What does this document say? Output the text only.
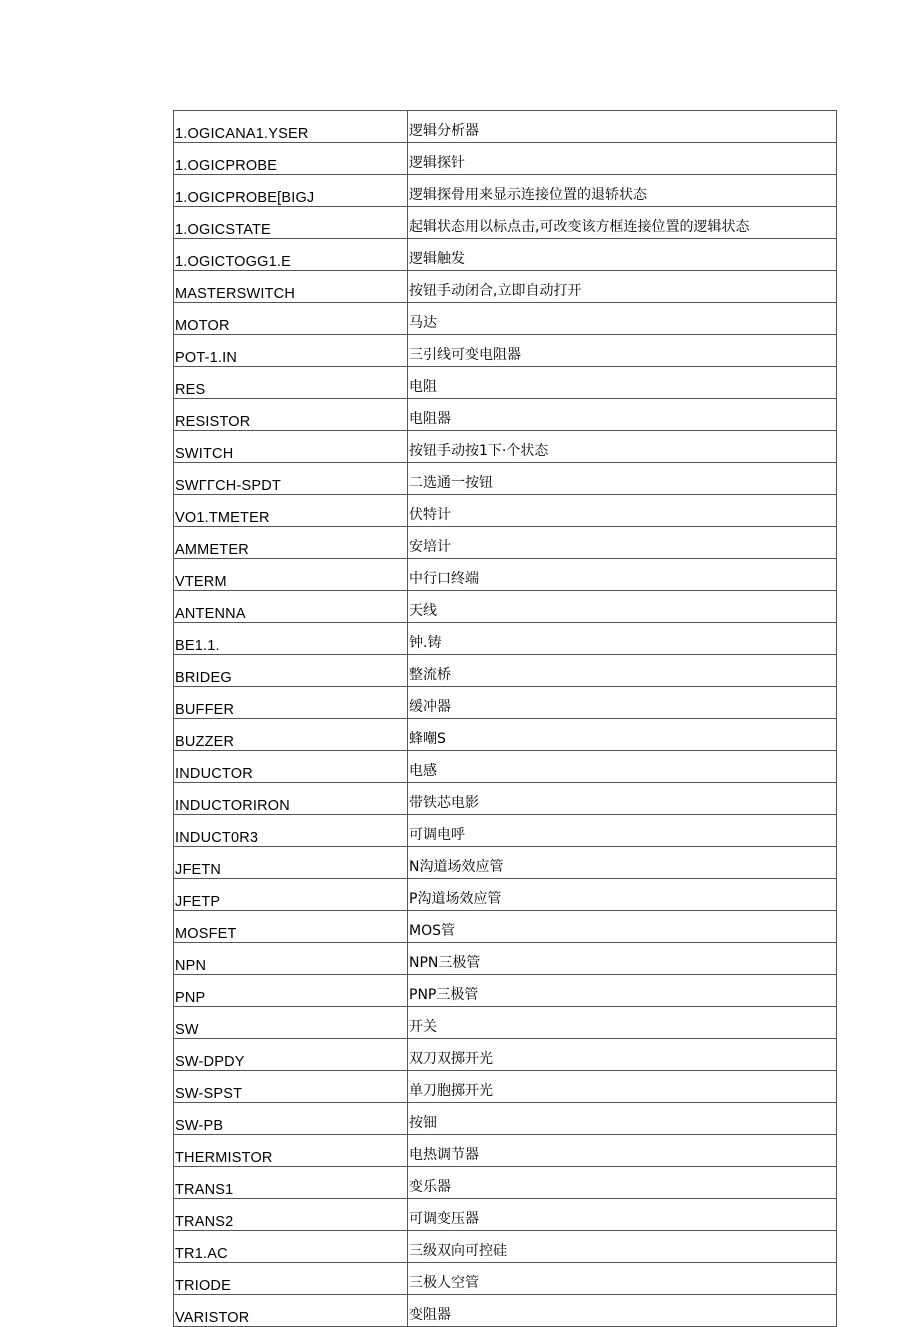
1.OGICANA1.YSER	逻辑分析器
1.OGICPROBE	逻辑探针
1.OGICPROBE[BIGJ	逻辑探骨用来显示连接位置的退轿状态
1.OGICSTATE	起辑状态用以标点击,可改变该方框连接位置的逻辑状态
1.OGICTOGG1.E	逻辑触发
MASTERSWITCH	按钮手动闭合,立即自动打开
MOTOR	马达
POT-1.IN	三引线可变电阻器
RES	电阻
RESISTOR	电阻器
SWITCH	按钮手动按1下·个状态
SWΓΓCH-SPDT	二选通一按钮
VO1.TMETER	伏特计
AMMETER	安培计
VTERM	中行口终端
ANTENNA	天线
BE1.1.	钟.铸
BRIDEG	整流桥
BUFFER	缓冲器
BUZZER	蜂嘲S
INDUCTOR	电感
INDUCTORIRON	带铁芯电影
INDUCT0R3	可调电呼
JFETN	N沟道场效应管
JFETP	P沟道场效应管
MOSFET	MOS管
NPN	NPN三极管
PNP	PNP三极管
SW	开关
SW-DPDY	双刀双掷开光
SW-SPST	单刀胞掷开光
SW-PB	按钿
THERMISTOR	电热调节器
TRANS1	变乐器
TRANS2	可调变压器
TR1.AC	三级双向可控硅
TRIODE	三极人空管
VARISTOR	变阻器
